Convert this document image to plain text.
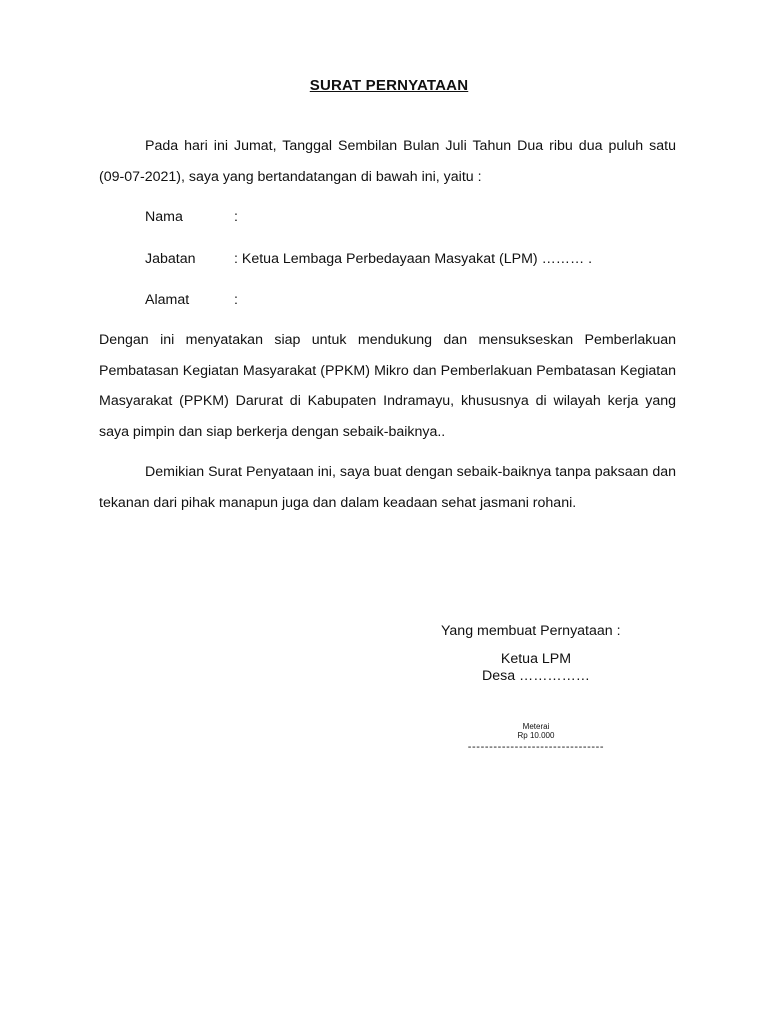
SURAT PERNYATAAN

Pada hari ini Jumat, Tanggal Sembilan Bulan Juli Tahun Dua ribu dua puluh satu (09-07-2021), saya yang bertandatangan di bawah ini, yaitu :

Nama	:
Jabatan	: Ketua Lembaga Perbedayaan Masyakat (LPM) ……… .
Alamat	:

Dengan ini menyatakan siap untuk mendukung dan mensukseskan Pemberlakuan Pembatasan Kegiatan Masyarakat (PPKM) Mikro dan Pemberlakuan Pembatasan Kegiatan Masyarakat (PPKM) Darurat di Kabupaten Indramayu, khususnya di wilayah kerja yang saya pimpin dan siap berkerja dengan sebaik-baiknya..

Demikian Surat Penyataan ini, saya buat dengan sebaik-baiknya tanpa paksaan dan tekanan dari pihak manapun juga dan dalam keadaan sehat jasmani rohani.

Yang membuat Pernyataan :
Ketua LPM
Desa ……………
Meterai
Rp 10.000
--------------------------------
